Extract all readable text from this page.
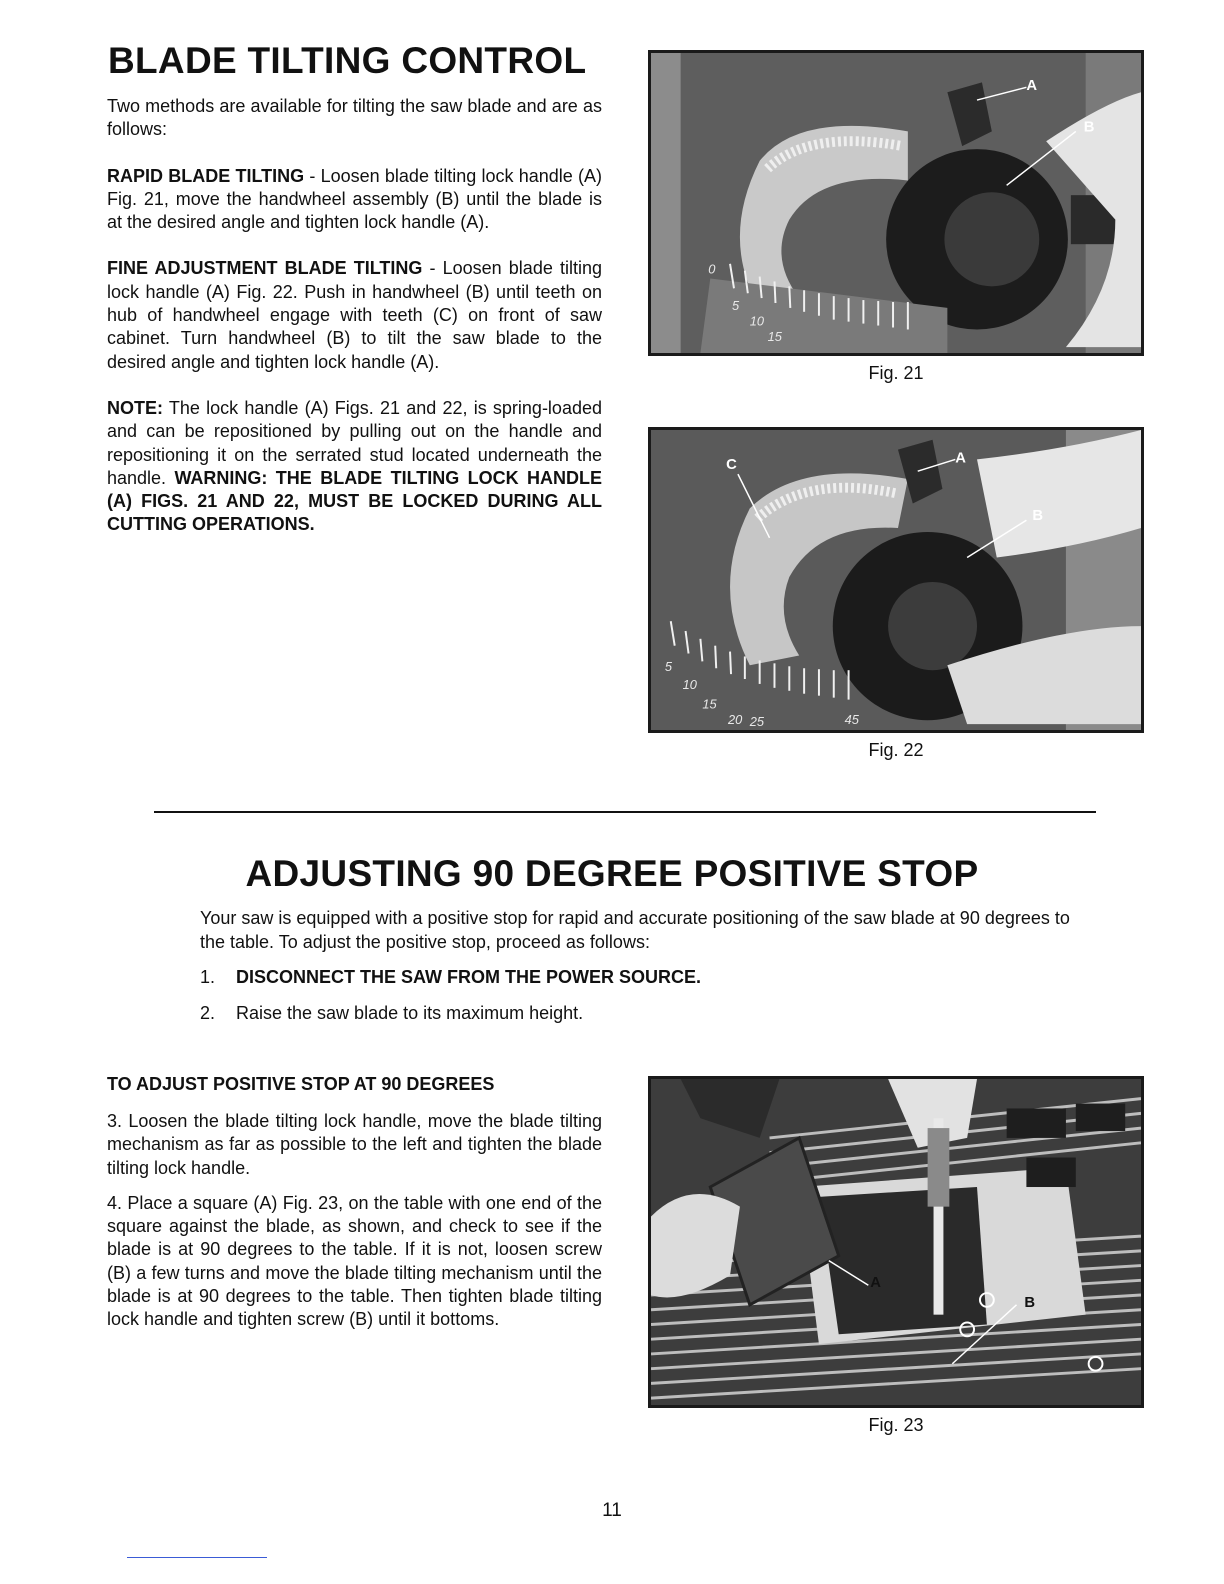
BLADE TILTING CONTROL

Two methods are available for tilting the saw blade and are as follows:

RAPID BLADE TILTING - Loosen blade tilting lock handle (A) Fig. 21, move the handwheel assembly (B) until the blade is at the desired angle and tighten lock handle (A).

FINE ADJUSTMENT BLADE TILTING - Loosen blade tilting lock handle (A) Fig. 22. Push in handwheel (B) until teeth on hub of handwheel engage with teeth (C) on front of saw cabinet. Turn handwheel (B) to tilt the saw blade to the desired angle and tighten lock handle (A).

NOTE: The lock handle (A) Figs. 21 and 22, is spring-loaded and can be repositioned by pulling out on the handle and repositioning it on the serrated stud located underneath the handle. WARNING: THE BLADE TILTING LOCK HANDLE (A) FIGS. 21 AND 22, MUST BE LOCKED DURING ALL CUTTING OPERATIONS.

0
5
10
15
A
B
Fig. 21
5
10
15
20 25	45
C	A
B
Fig. 22
ADJUSTING 90 DEGREE POSITIVE STOP

Your saw is equipped with a positive stop for rapid and accurate positioning of the saw blade at 90 degrees to the table. To adjust the positive stop, proceed as follows:

1. DISCONNECT THE SAW FROM THE POWER SOURCE.
2. Raise the saw blade to its maximum height.
TO ADJUST POSITIVE STOP AT 90 DEGREES

3. Loosen the blade tilting lock handle, move the blade tilting mechanism as far as possible to the left and tighten the blade tilting lock handle.

4. Place a square (A) Fig. 23, on the table with one end of the square against the blade, as shown, and check to see if the blade is at 90 degrees to the table. If it is not, loosen screw (B) a few turns and move the blade tilting mechanism until the blade is at 90 degrees to the table. Then tighten blade tilting lock handle and tighten screw (B) until it bottoms.

A
B
Fig. 23
11
